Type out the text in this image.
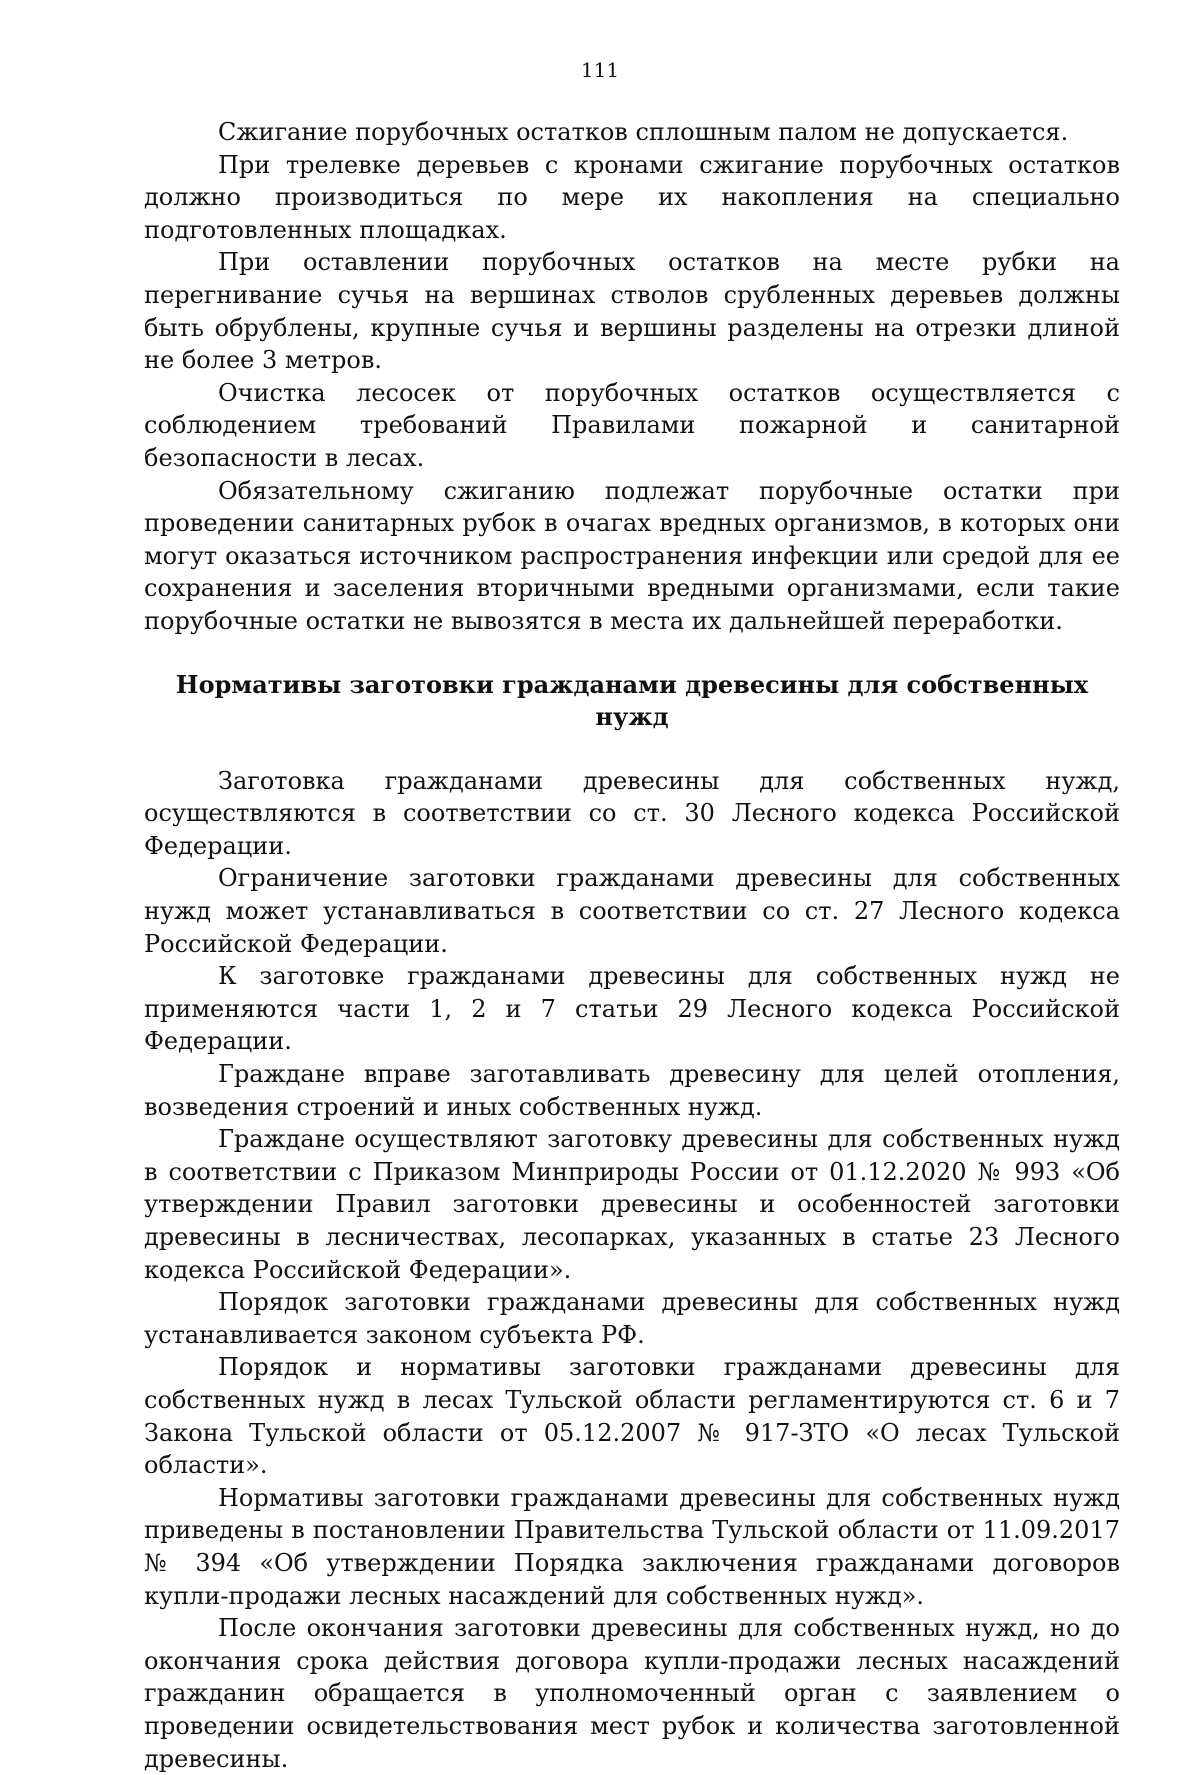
111

Сжигание порубочных остатков сплошным палом не допускается.

При трелевке деревьев с кронами сжигание порубочных остатков должно производиться по мере их накопления на специально подготовленных площадках.

При оставлении порубочных остатков на месте рубки на перегнивание сучья на вершинах стволов срубленных деревьев должны быть обрублены, крупные сучья и вершины разделены на отрезки длиной не более 3 метров.

Очистка лесосек от порубочных остатков осуществляется с соблюдением требований Правилами пожарной и санитарной безопасности в лесах.

Обязательному сжиганию подлежат порубочные остатки при проведении санитарных рубок в очагах вредных организмов, в которых они могут оказаться источником распространения инфекции или средой для ее сохранения и заселения вторичными вредными организмами, если такие порубочные остатки не вывозятся в места их дальнейшей переработки.

Нормативы заготовки гражданами древесины для собственных нужд

Заготовка гражданами древесины для собственных нужд, осуществляются в соответствии со ст. 30 Лесного кодекса Российской Федерации.

Ограничение заготовки гражданами древесины для собственных нужд может устанавливаться в соответствии со ст. 27 Лесного кодекса Российской Федерации.

К заготовке гражданами древесины для собственных нужд не применяются части 1, 2 и 7 статьи 29 Лесного кодекса Российской Федерации.

Граждане вправе заготавливать древесину для целей отопления, возведения строений и иных собственных нужд.

Граждане осуществляют заготовку древесины для собственных нужд в соответствии с Приказом Минприроды России от 01.12.2020 № 993 «Об утверждении Правил заготовки древесины и особенностей заготовки древесины в лесничествах, лесопарках, указанных в статье 23 Лесного кодекса Российской Федерации».

Порядок заготовки гражданами древесины для собственных нужд устанавливается законом субъекта РФ.

Порядок и нормативы заготовки гражданами древесины для собственных нужд в лесах Тульской области регламентируются ст. 6 и 7 Закона Тульской области от 05.12.2007 № 917-ЗТО «О лесах Тульской области».

Нормативы заготовки гражданами древесины для собственных нужд приведены в постановлении Правительства Тульской области от 11.09.2017 № 394 «Об утверждении Порядка заключения гражданами договоров купли-продажи лесных насаждений для собственных нужд».

После окончания заготовки древесины для собственных нужд, но до окончания срока действия договора купли-продажи лесных насаждений гражданин обращается в уполномоченный орган с заявлением о проведении освидетельствования мест рубок и количества заготовленной древесины.
